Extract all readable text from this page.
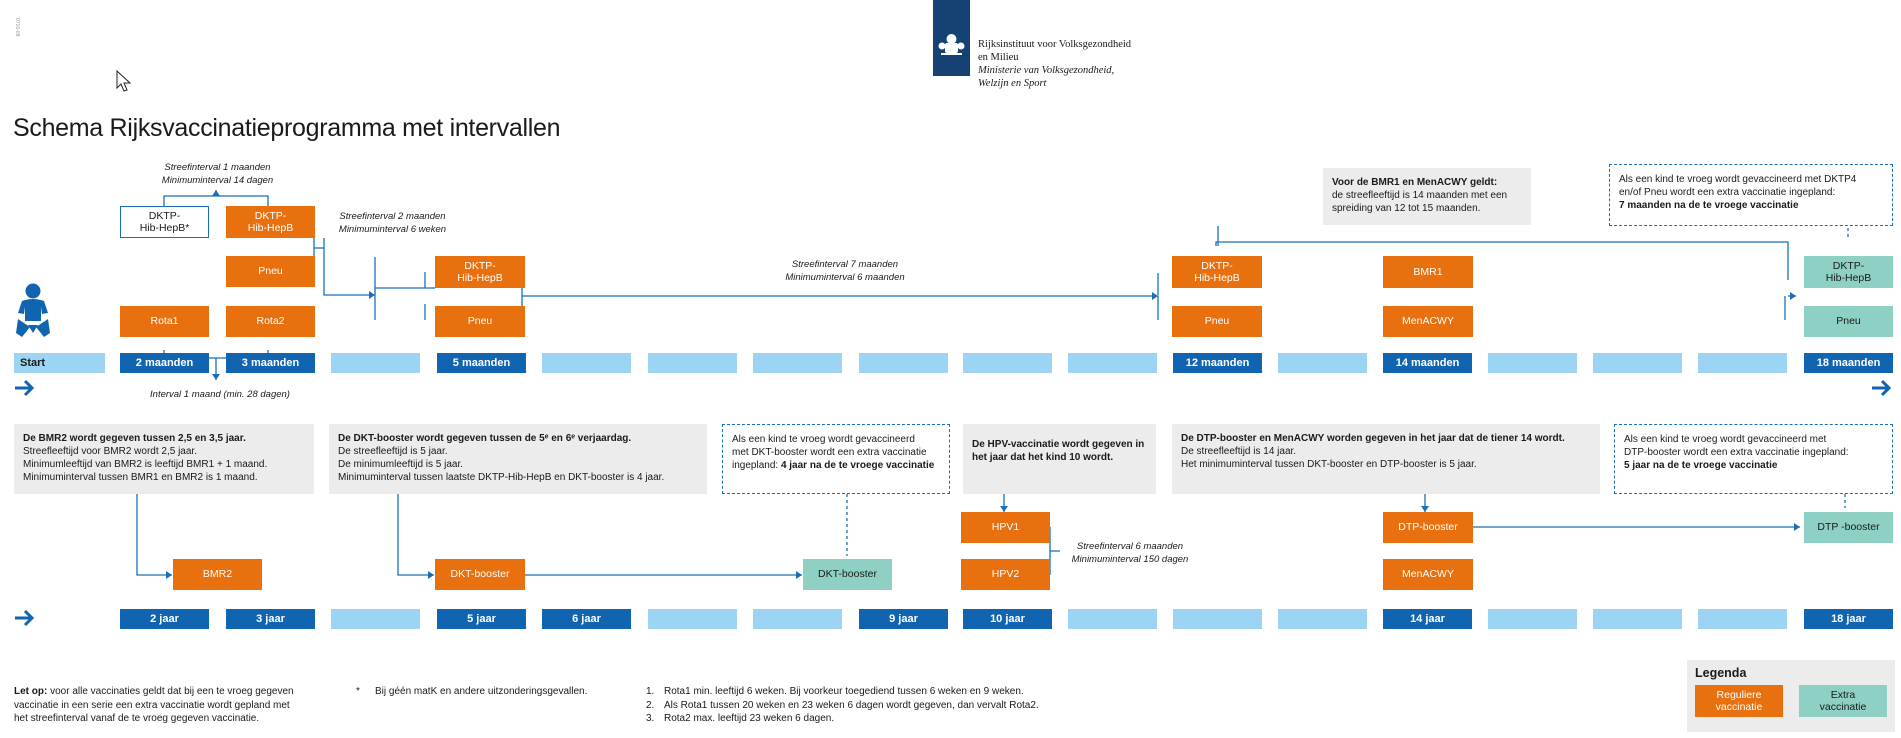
0716-08
Rijksinstituut voor Volksgezondheid
en Milieu
Ministerie van Volksgezondheid,
Welzijn en Sport
Schema Rijksvaccinatieprogramma met intervallen
Streefinterval 1 maanden
Minimuminterval 14 dagen
Streefinterval 2 maanden
Minimuminterval 6 weken
Streefinterval 7 maanden
Minimuminterval 6 maanden
Interval 1 maand (min. 28 dagen)
Streefinterval 6 maanden
Minimuminterval 150 dagen
DKTP-
Hib-HepB*
DKTP-
Hib-HepB
Pneu
Rota1	Rota2
DKTP-
Hib-HepB
Pneu
DKTP-
Hib-HepB
Pneu
BMR1
MenACWY
DKTP-
Hib-HepB
Pneu
Voor de BMR1 en MenACWY geldt:
de streefleeftijd is 14 maanden met een
spreiding van 12 tot 15 maanden.
Als een kind te vroeg wordt gevaccineerd met DKTP4
en/of Pneu wordt een extra vaccinatie ingepland:
7 maanden na de te vroege vaccinatie
Start	2 maanden	3 maanden	5 maanden	12 maanden	14 maanden	18 maanden
De BMR2 wordt gegeven tussen 2,5 en 3,5 jaar.
Streefleeftijd voor BMR2 wordt 2,5 jaar.
Minimumleeftijd van BMR2 is leeftijd BMR1 + 1 maand.
Minimuminterval tussen BMR1 en BMR2 is 1 maand.
De DKT-booster wordt gegeven tussen de 5ᵉ en 6ᵉ verjaardag.
De streefleeftijd is 5 jaar.
De minimumleeftijd is 5 jaar.
Minimuminterval tussen laatste DKTP-Hib-HepB en DKT-booster is 4 jaar.
Als een kind te vroeg wordt gevaccineerd
met DKT-booster wordt een extra vaccinatie
ingepland: 4 jaar na de te vroege vaccinatie
De HPV-vaccinatie wordt gegeven in
het jaar dat het kind 10 wordt.
De DTP-booster en MenACWY worden gegeven in het jaar dat de tiener 14 wordt.
De streefleeftijd is 14 jaar.
Het minimuminterval tussen DKT-booster en DTP-booster is 5 jaar.
Als een kind te vroeg wordt gevaccineerd met
DTP-booster wordt een extra vaccinatie ingepland:
5 jaar na de te vroege vaccinatie
BMR2	DKT-booster	DKT-booster
HPV1
HPV2
DTP-booster
MenACWY
DTP -booster
2 jaar	3 jaar	5 jaar	6 jaar	9 jaar	10 jaar	14 jaar	18 jaar
Let op: voor alle vaccinaties geldt dat bij een te vroeg gegeven
vaccinatie in een serie een extra vaccinatie wordt gepland met
het streefinterval vanaf de te vroeg gegeven vaccinatie.
*	Bij géén matK en andere uitzonderingsgevallen.	1. Rota1 min. leeftijd 6 weken. Bij voorkeur toegediend tussen 6 weken en 9 weken.
2. Als Rota1 tussen 20 weken en 23 weken 6 dagen wordt gegeven, dan vervalt Rota2.
3. Rota2 max. leeftijd 23 weken 6 dagen.
Legenda
Reguliere
vaccinatie
Extra
vaccinatie
